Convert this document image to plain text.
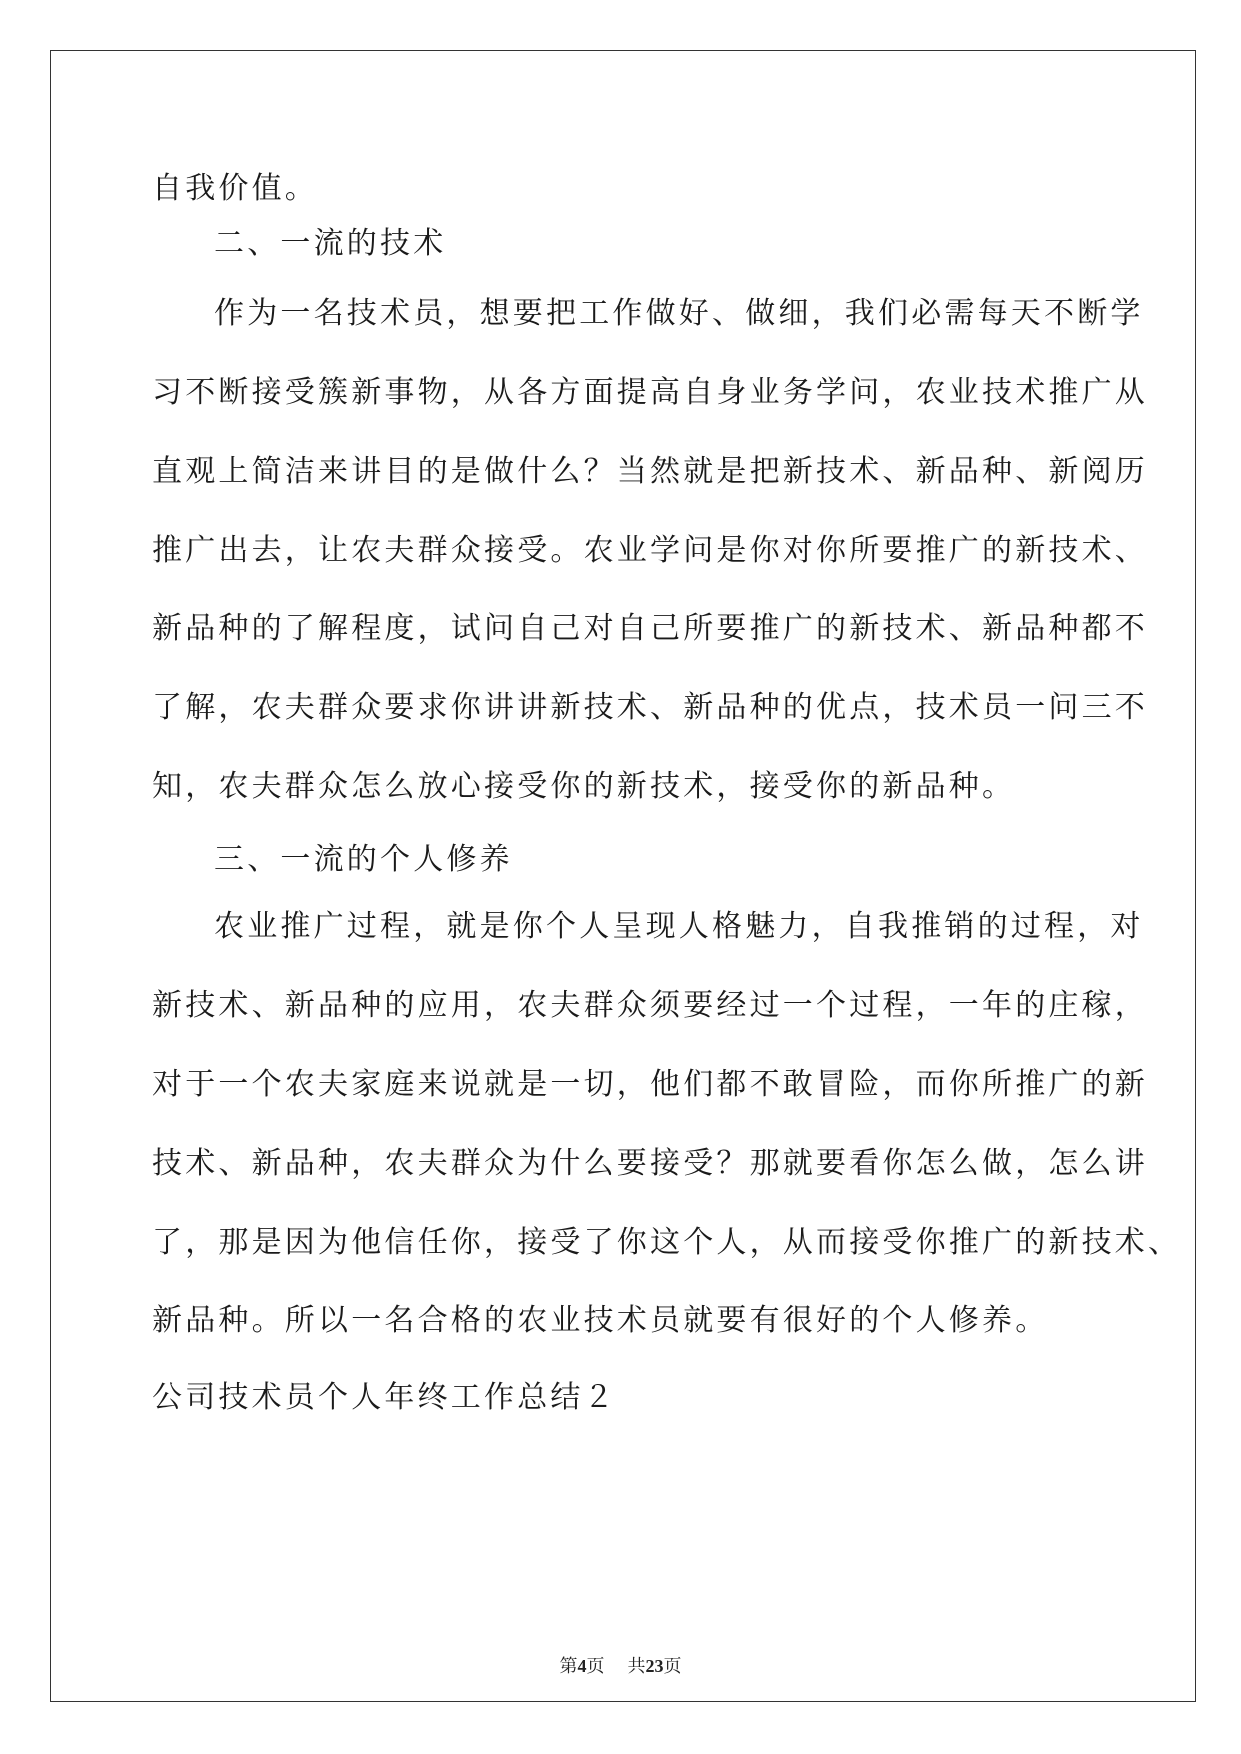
自我价值。
二、一流的技术
作为一名技术员，想要把工作做好、做细，我们必需每天不断学
习不断接受簇新事物，从各方面提高自身业务学问，农业技术推广从
直观上简洁来讲目的是做什么？当然就是把新技术、新品种、新阅历
推广出去，让农夫群众接受。农业学问是你对你所要推广的新技术、
新品种的了解程度，试问自己对自己所要推广的新技术、新品种都不
了解，农夫群众要求你讲讲新技术、新品种的优点，技术员一问三不
知，农夫群众怎么放心接受你的新技术，接受你的新品种。
三、一流的个人修养
农业推广过程，就是你个人呈现人格魅力，自我推销的过程，对
新技术、新品种的应用，农夫群众须要经过一个过程，一年的庄稼，
对于一个农夫家庭来说就是一切，他们都不敢冒险，而你所推广的新
技术、新品种，农夫群众为什么要接受？那就要看你怎么做，怎么讲
了，那是因为他信任你，接受了你这个人，从而接受你推广的新技术、
新品种。所以一名合格的农业技术员就要有很好的个人修养。
公司技术员个人年终工作总结２
第4页 共23页
